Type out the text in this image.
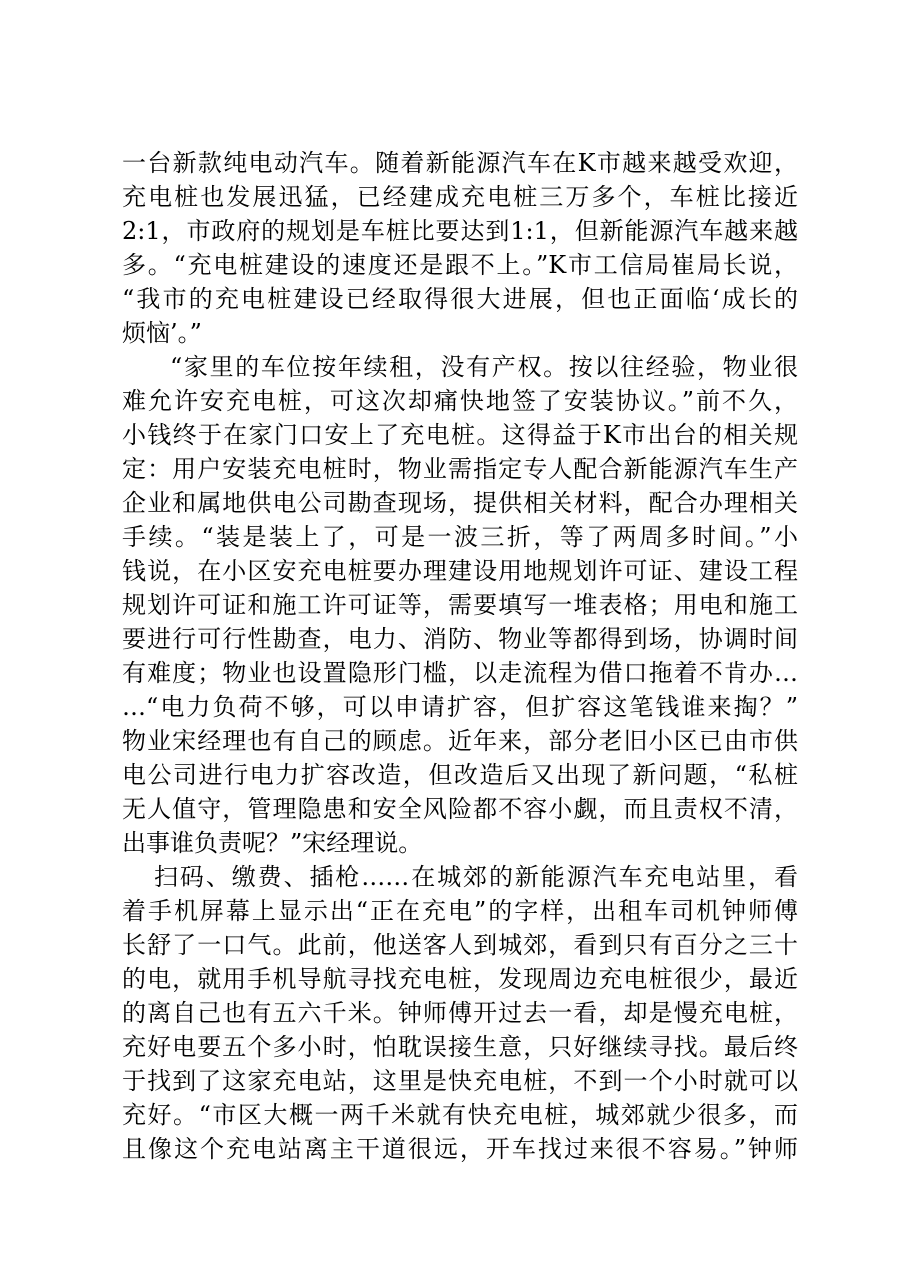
一台新款纯电动汽车。随着新能源汽车在K市越来越受欢迎，
充电桩也发展迅猛，已经建成充电桩三万多个，车桩比接近
2:1，市政府的规划是车桩比要达到1:1，但新能源汽车越来越
多。“充电桩建设的速度还是跟不上。”K市工信局崔局长说，
“我市的充电桩建设已经取得很大进展，但也正面临‘成长的
烦恼’。”
“家里的车位按年续租，没有产权。按以往经验，物业很
难允许安充电桩，可这次却痛快地签了安装协议。”前不久，
小钱终于在家门口安上了充电桩。这得益于K市出台的相关规
定：用户安装充电桩时，物业需指定专人配合新能源汽车生产
企业和属地供电公司勘查现场，提供相关材料，配合办理相关
手续。“装是装上了，可是一波三折，等了两周多时间。”小
钱说，在小区安充电桩要办理建设用地规划许可证、建设工程
规划许可证和施工许可证等，需要填写一堆表格；用电和施工
要进行可行性勘查，电力、消防、物业等都得到场，协调时间
有难度；物业也设置隐形门槛，以走流程为借口拖着不肯办…
…“电力负荷不够，可以申请扩容，但扩容这笔钱谁来掏？”
物业宋经理也有自己的顾虑。近年来，部分老旧小区已由市供
电公司进行电力扩容改造，但改造后又出现了新问题，“私桩
无人值守，管理隐患和安全风险都不容小觑，而且责权不清，
出事谁负责呢？”宋经理说。
扫码、缴费、插枪……在城郊的新能源汽车充电站里，看
着手机屏幕上显示出“正在充电”的字样，出租车司机钟师傅
长舒了一口气。此前，他送客人到城郊，看到只有百分之三十
的电，就用手机导航寻找充电桩，发现周边充电桩很少，最近
的离自己也有五六千米。钟师傅开过去一看，却是慢充电桩，
充好电要五个多小时，怕耽误接生意，只好继续寻找。最后终
于找到了这家充电站，这里是快充电桩，不到一个小时就可以
充好。“市区大概一两千米就有快充电桩，城郊就少很多，而
且像这个充电站离主干道很远，开车找过来很不容易。”钟师
